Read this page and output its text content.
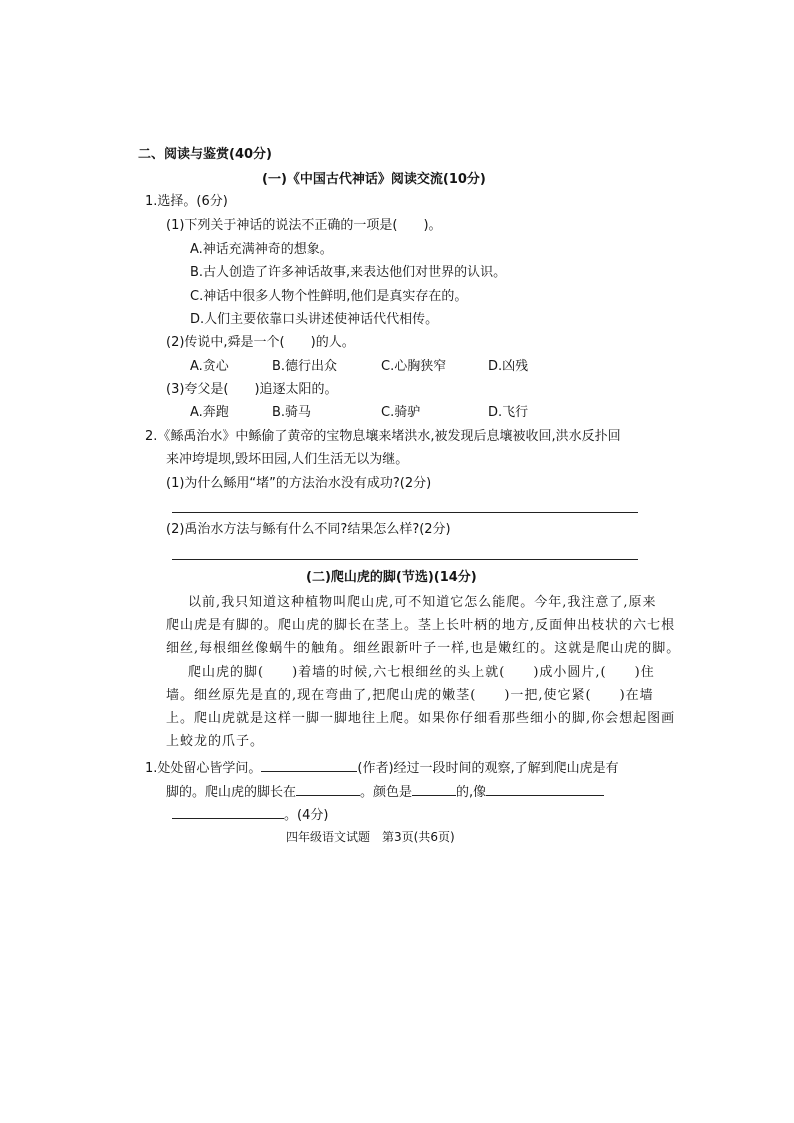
二、阅读与鉴赏(40分)
(一)《中国古代神话》阅读交流(10分)
1.选择。(6分)
(1)下列关于神话的说法不正确的一项是(　　)。
A.神话充满神奇的想象。
B.古人创造了许多神话故事,来表达他们对世界的认识。
C.神话中很多人物个性鲜明,他们是真实存在的。
D.人们主要依靠口头讲述使神话代代相传。
(2)传说中,舜是一个(　　)的人。
A.贪心	B.德行出众	C.心胸狭窄	D.凶残
(3)夸父是(　　)追逐太阳的。
A.奔跑	B.骑马	C.骑驴	D.飞行
2.《鲧禹治水》中鲧偷了黄帝的宝物息壤来堵洪水,被发现后息壤被收回,洪水反扑回
来冲垮堤坝,毁坏田园,人们生活无以为继。
(1)为什么鲧用“堵”的方法治水没有成功?(2分)
(2)禹治水方法与鲧有什么不同?结果怎么样?(2分)
(二)爬山虎的脚(节选)(14分)
以前,我只知道这种植物叫爬山虎,可不知道它怎么能爬。今年,我注意了,原来
爬山虎是有脚的。爬山虎的脚长在茎上。茎上长叶柄的地方,反面伸出枝状的六七根
细丝,每根细丝像蜗牛的触角。细丝跟新叶子一样,也是嫩红的。这就是爬山虎的脚。
爬山虎的脚(　　)着墙的时候,六七根细丝的头上就(　　)成小圆片,(　　)住
墙。细丝原先是直的,现在弯曲了,把爬山虎的嫩茎(　　)一把,使它紧(　　)在墙
上。爬山虎就是这样一脚一脚地往上爬。如果你仔细看那些细小的脚,你会想起图画
上蛟龙的爪子。
1.处处留心皆学问。	(作者)经过一段时间的观察,了解到爬山虎是有
脚的。爬山虎的脚长在	。颜色是	的,像
。(4分)
四年级语文试题　第3页(共6页)
